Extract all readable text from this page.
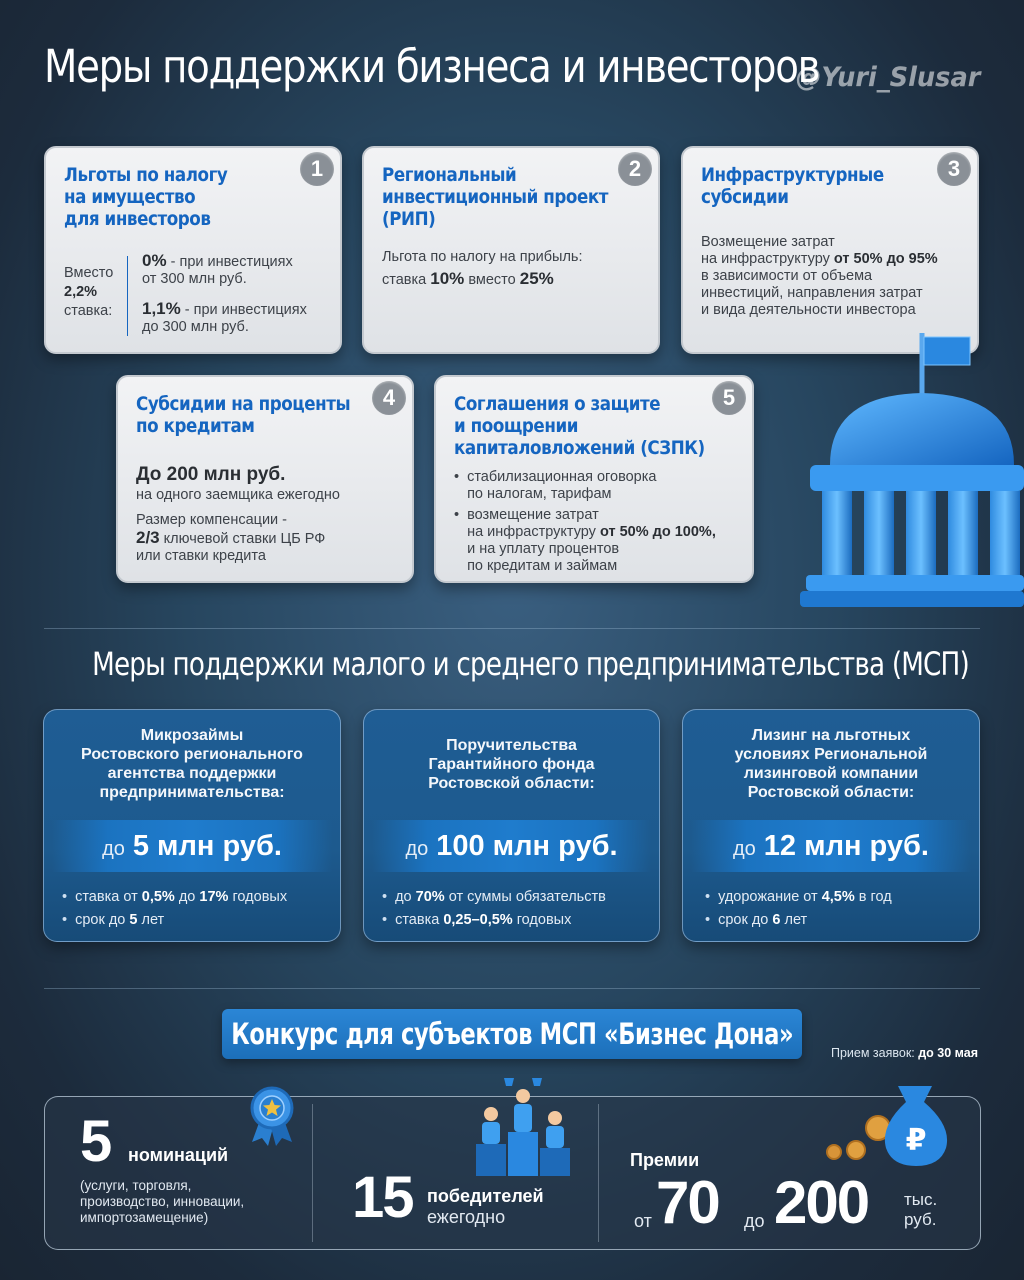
Меры поддержки бизнеса и инвесторов
@Yuri_Slusar
Льготы по налогу
на имущество
для инвесторов
1
Вместо
2,2%
ставка:
0% - при инвестициях
от 300 млн руб.
1,1% - при инвестициях
до 300 млн руб.
Региональный
инвестиционный проект
(РИП)
2
Льгота по налогу на прибыль:
ставка 10% вместо 25%
Инфраструктурные
субсидии
3
Возмещение затрат
на инфраструктуру от 50% до 95%
в зависимости от объема
инвестиций, направления затрат
и вида деятельности инвестора
Субсидии на проценты
по кредитам
4
До 200 млн руб.
на одного заемщика ежегодно
Размер компенсации -
2/3 ключевой ставки ЦБ РФ
или ставки кредита
Соглашения о защите
и поощрении
капиталовложений (СЗПК)
5
• стабилизационная оговорка
по налогам, тарифам
• возмещение затрат
на инфраструктуру от 50% до 100%,
и на уплату процентов
по кредитам и займам
Меры поддержки малого и среднего предпринимательства (МСП)
Микрозаймы
Ростовского регионального
агентства поддержки
предпринимательства:
до 5 млн руб.
• ставка от 0,5% до 17% годовых
• срок до 5 лет
Поручительства
Гарантийного фонда
Ростовской области:
до 100 млн руб.
• до 70% от суммы обязательств
• ставка 0,25–0,5% годовых
Лизинг на льготных
условиях Региональной
лизинговой компании
Ростовской области:
до 12 млн руб.
• удорожание от 4,5% в год
• срок до 6 лет
Конкурс для субъектов МСП «Бизнес Дона»
Прием заявок: до 30 мая
5 номинаций
(услуги, торговля,
производство, инновации,
импортозамещение)	15 победителей
ежегодно
₽
Премии
от 70 до 200 тыс.
руб.
